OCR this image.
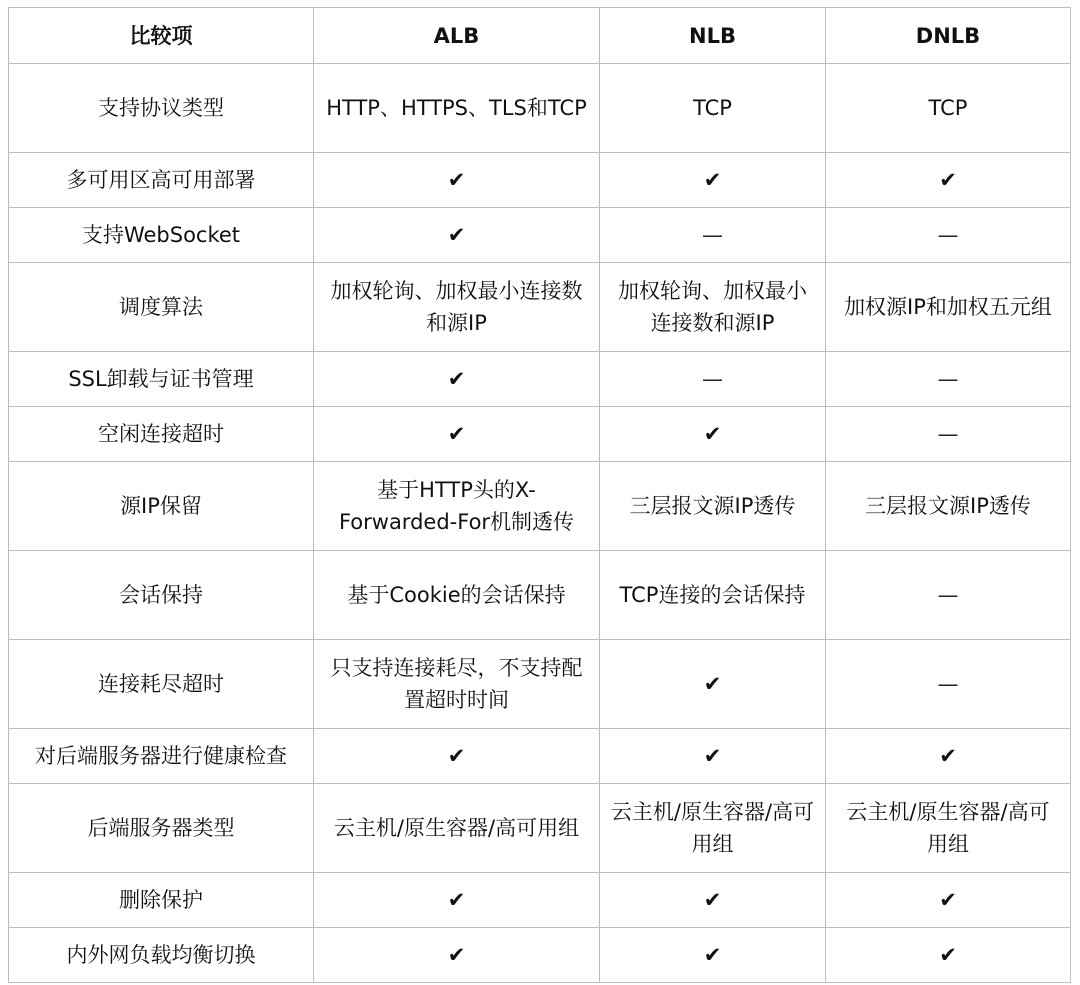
比较项	ALB	NLB	DNLB
支持协议类型	HTTP、HTTPS、TLS和TCP	TCP	TCP
多可用区高可用部署	✔	✔	✔
支持WebSocket	✔	—	—
调度算法	加权轮询、加权最小连接数和源IP	加权轮询、加权最小连接数和源IP	加权源IP和加权五元组
SSL卸载与证书管理	✔	—	—
空闲连接超时	✔	✔	—
源IP保留	基于HTTP头的X-Forwarded-For机制透传	三层报文源IP透传	三层报文源IP透传
会话保持	基于Cookie的会话保持	TCP连接的会话保持	—
连接耗尽超时	只支持连接耗尽，不支持配置超时时间	✔	—
对后端服务器进行健康检查	✔	✔	✔
后端服务器类型	云主机/原生容器/高可用组	云主机/原生容器/高可用组	云主机/原生容器/高可用组
删除保护	✔	✔	✔
内外网负载均衡切换	✔	✔	✔
